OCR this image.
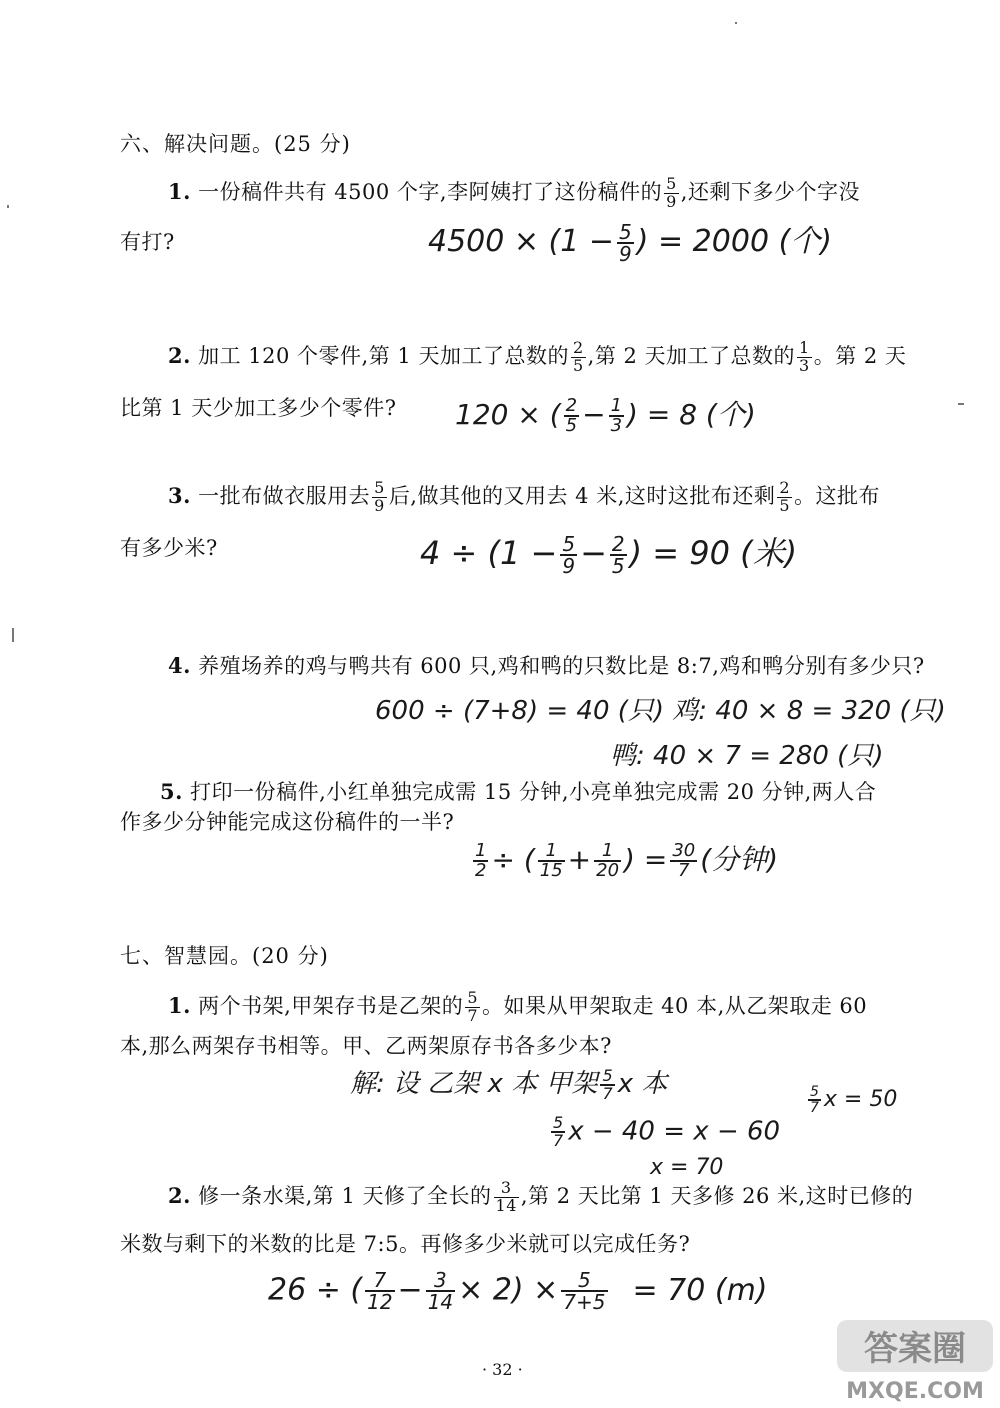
六、解决问题。(25 分)
1. 一份稿件共有 4500 个字,李阿姨打了这份稿件的 $\frac{5}{9}$ ,还剩下多少个字没
有打?	$4500 \times (1 - \frac{5}{9}$ ) = 2000 (个)
2. 加工 120 个零件,第 1 天加工了总数的 $\frac{2}{5}$ ,第 2 天加工了总数的 $\frac{1}{3}$ 。第 2 天
比第 1 天少加工多少个零件? 120 × ( $\frac{2}{5} - \frac{1}{3}$ ) = 8 (个)
3. 一批布做衣服用去 $\frac{5}{9}$ 后,做其他的又用去 4 米,这时这批布还剩 $\frac{2}{5}$ 。这批布
有多少米?	$4 \div (1 - \frac{5}{9} - \frac{2}{5}$ ) = 90 (米)
4. 养殖场养的鸡与鸭共有 600 只,鸡和鸭的只数比是 8:7,鸡和鸭分别有多少只?
600 ÷ (7+8) = 40 (只) 鸡: 40 × 8 = 320 (只)
鸭: 40 × 7 = 280 (只)
5. 打印一份稿件,小红单独完成需 15 分钟,小亮单独完成需 20 分钟,两人合
作多少分钟能完成这份稿件的一半?
$\frac{1}{2}$ ÷ ( $\frac{1}{15} + \frac{1}{20}$ ) = $\frac{30}{7}$ (分钟)
七、智慧园。(20 分)
1. 两个书架,甲架存书是乙架的 $\frac{5}{7}$ 。如果从甲架取走 40 本,从乙架取走 60
本,那么两架存书相等。甲、乙两架原存书各多少本?
解: 设 乙架 x 本 甲架 $\frac{5}{7}$ x 本
$\frac{5}{7}$ x − 40 = x − 60
x = 70
$\frac{5}{7}$ x = 50
2. 修一条水渠,第 1 天修了全长的 $\frac{3}{14}$ ,第 2 天比第 1 天多修 26 米,这时已修的
米数与剩下的米数的比是 7:5。再修多少米就可以完成任务?
26 ÷ ( $\frac{7}{12} - \frac{3}{14} \times 2) \times \frac{5}{7+5} = 70$ (m)
· 32 ·
答案圈
MXQE.COM
